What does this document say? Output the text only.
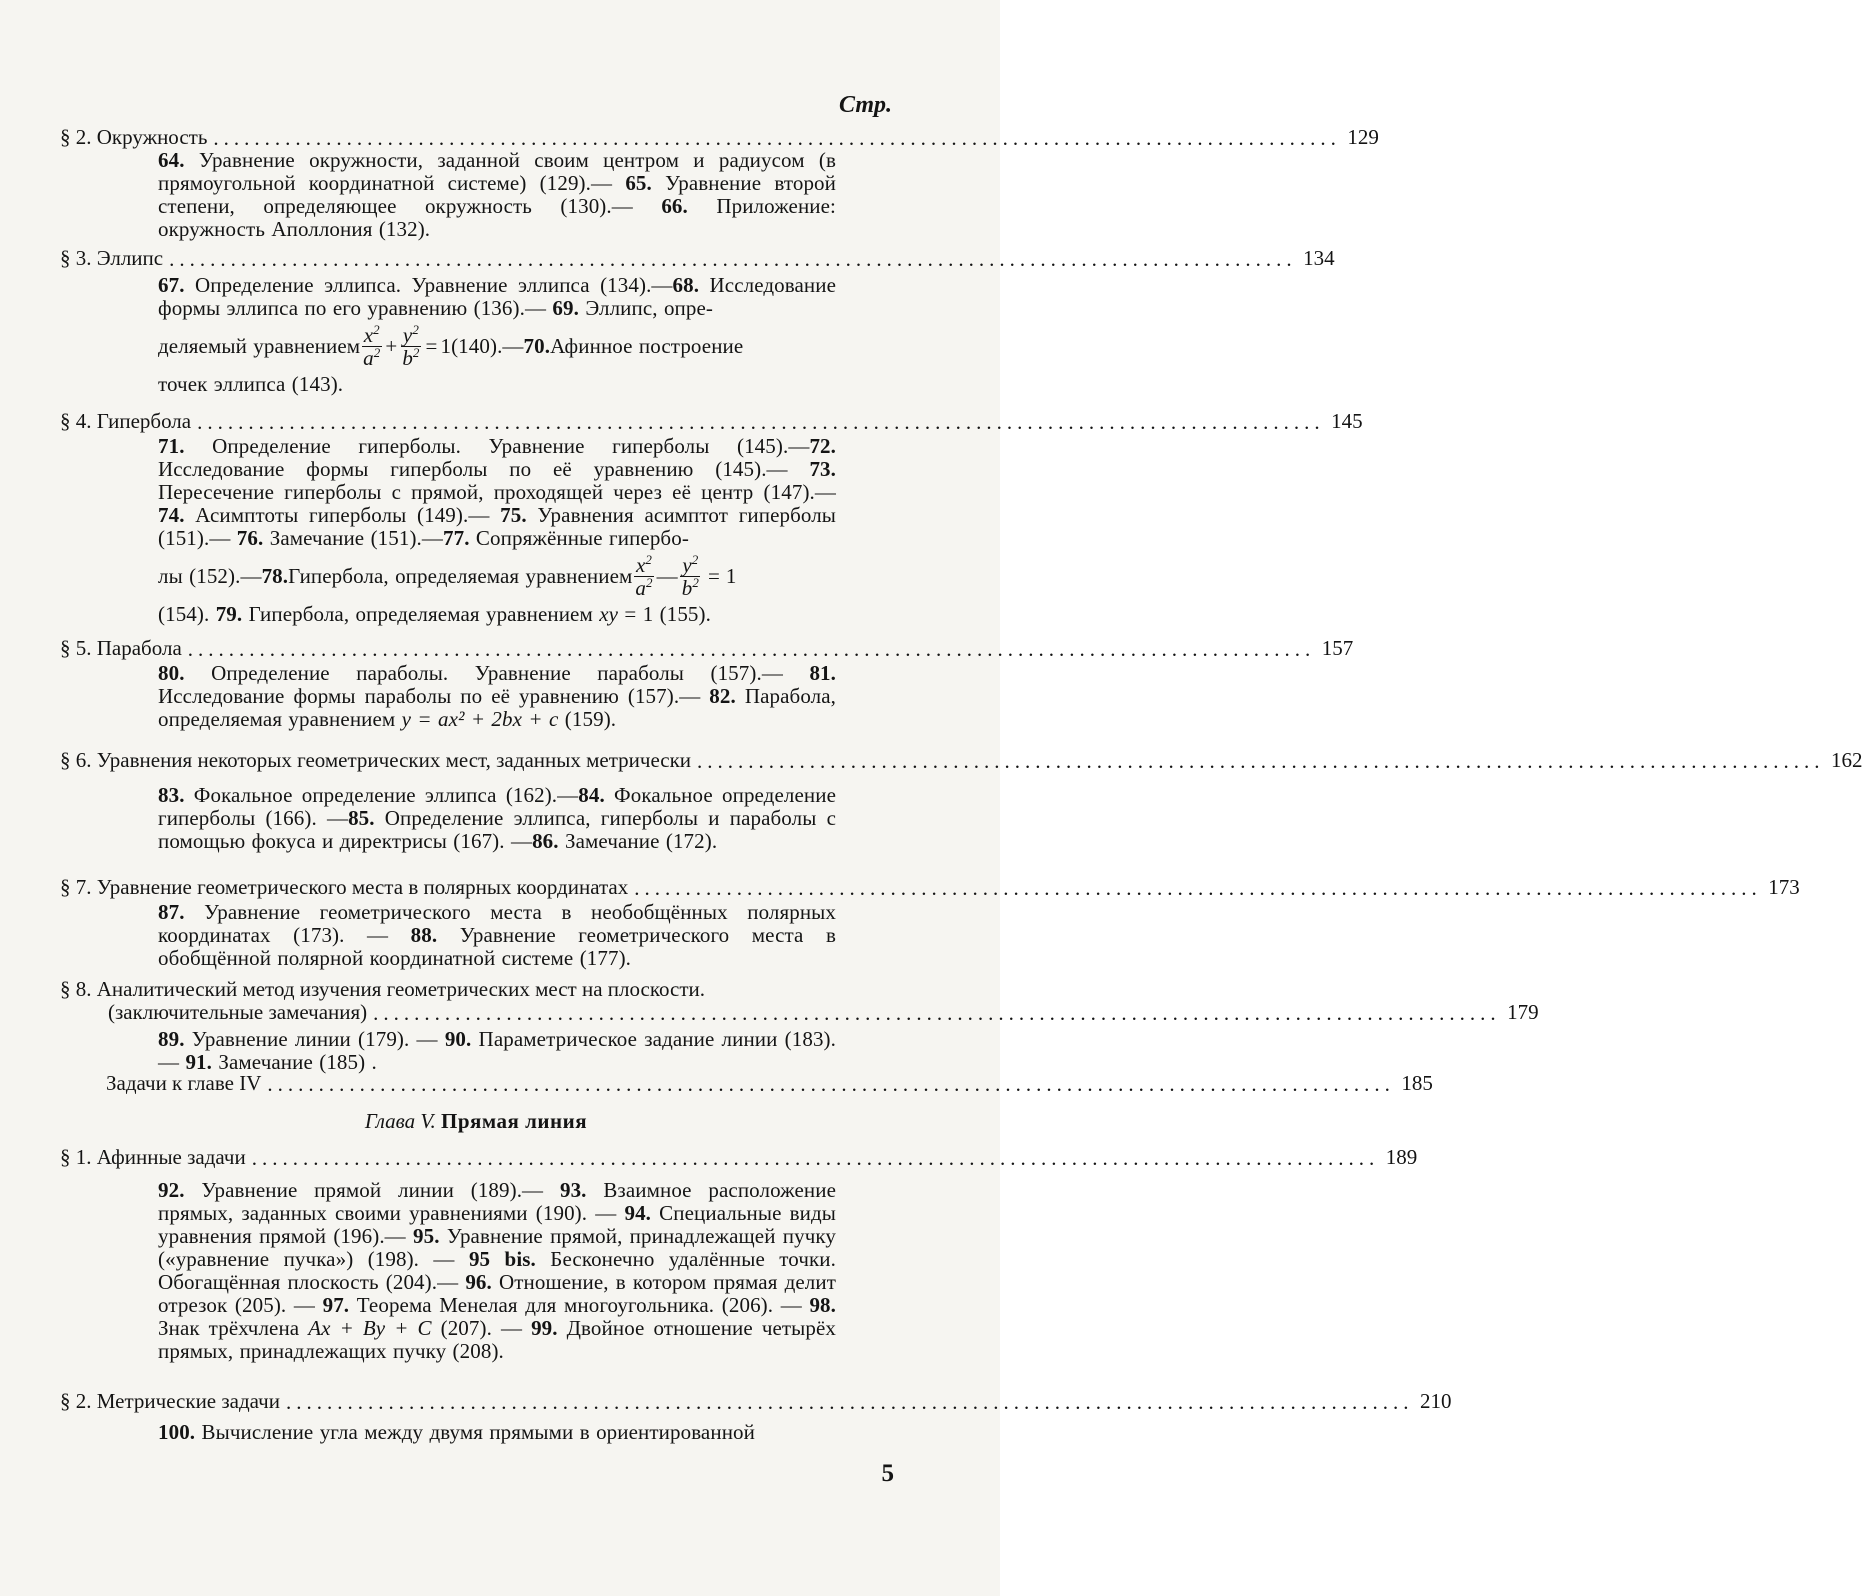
Стр.
§ 2. Окружность .............................................................................................................. 129

64. Уравнение окружности, заданной своим центром и радиусом (в прямоугольной координатной системе) (129).— 65. Уравнение второй степени, определяющее окружность (130).— 66. Приложение: окружность Аполлония (132).

§ 3. Эллипс .............................................................................................................. 134

67. Определение эллипса. Уравнение эллипса (134).—68. Исследование формы эллипса по его уравнению (136).— 69. Эллипс, опре-

деляемый уравнением $\frac{x^2}{a^2} + \frac{y^2}{b^2} = 1$ (140).— 70. Афинное построение

точек эллипса (143).

§ 4. Гипербола .............................................................................................................. 145

71. Определение гиперболы. Уравнение гиперболы (145).—72. Исследование формы гиперболы по её уравнению (145).— 73. Пересечение гиперболы с прямой, проходящей через её центр (147).— 74. Асимптоты гиперболы (149).— 75. Уравнения асимптот гиперболы (151).— 76. Замечание (151).—77. Сопряжённые гипербо-

лы (152).— 78. Гипербола, определяемая уравнением $\frac{x^2}{a^2}$ — $\frac{y^2}{b^2} = 1$

(154). 79. Гипербола, определяемая уравнением xy = 1 (155).

§ 5. Парабола .............................................................................................................. 157

80. Определение параболы. Уравнение параболы (157).— 81. Исследование формы параболы по её уравнению (157).— 82. Парабола, определяемая уравнением y = ax² + 2bx + c (159).

§ 6. Уравнения некоторых геометрических мест, заданных метрически .............................................................................................................. 162

83. Фокальное определение эллипса (162).—84. Фокальное определение гиперболы (166). —85. Определение эллипса, гиперболы и параболы с помощью фокуса и директрисы (167). —86. Замечание (172).

§ 7. Уравнение геометрического места в полярных координатах .............................................................................................................. 173

87. Уравнение геометрического места в необобщённых полярных координатах (173). — 88. Уравнение геометрического места в обобщённой полярной координатной системе (177).

§ 8. Аналитический метод изучения геометрических мест на плоскости.
(заключительные замечания) .............................................................................................................. 179

89. Уравнение линии (179). — 90. Параметрическое задание линии (183). — 91. Замечание (185) .

Задачи к главе IV .............................................................................................................. 185
Глава V. Прямая линия
§ 1. Афинные задачи .............................................................................................................. 189

92. Уравнение прямой линии (189).— 93. Взаимное расположение прямых, заданных своими уравнениями (190). — 94. Специальные виды уравнения прямой (196).— 95. Уравнение прямой, принадлежащей пучку («уравнение пучка») (198). — 95 bis. Бесконечно удалённые точки. Обогащённая плоскость (204).— 96. Отношение, в котором прямая делит отрезок (205). — 97. Теорема Менелая для многоугольника. (206). — 98. Знак трёхчлена Ax + By + C (207). — 99. Двойное отношение четырёх прямых, принадлежащих пучку (208).

§ 2. Метрические задачи .............................................................................................................. 210

100. Вычисление угла между двумя прямыми в ориентированной

5
